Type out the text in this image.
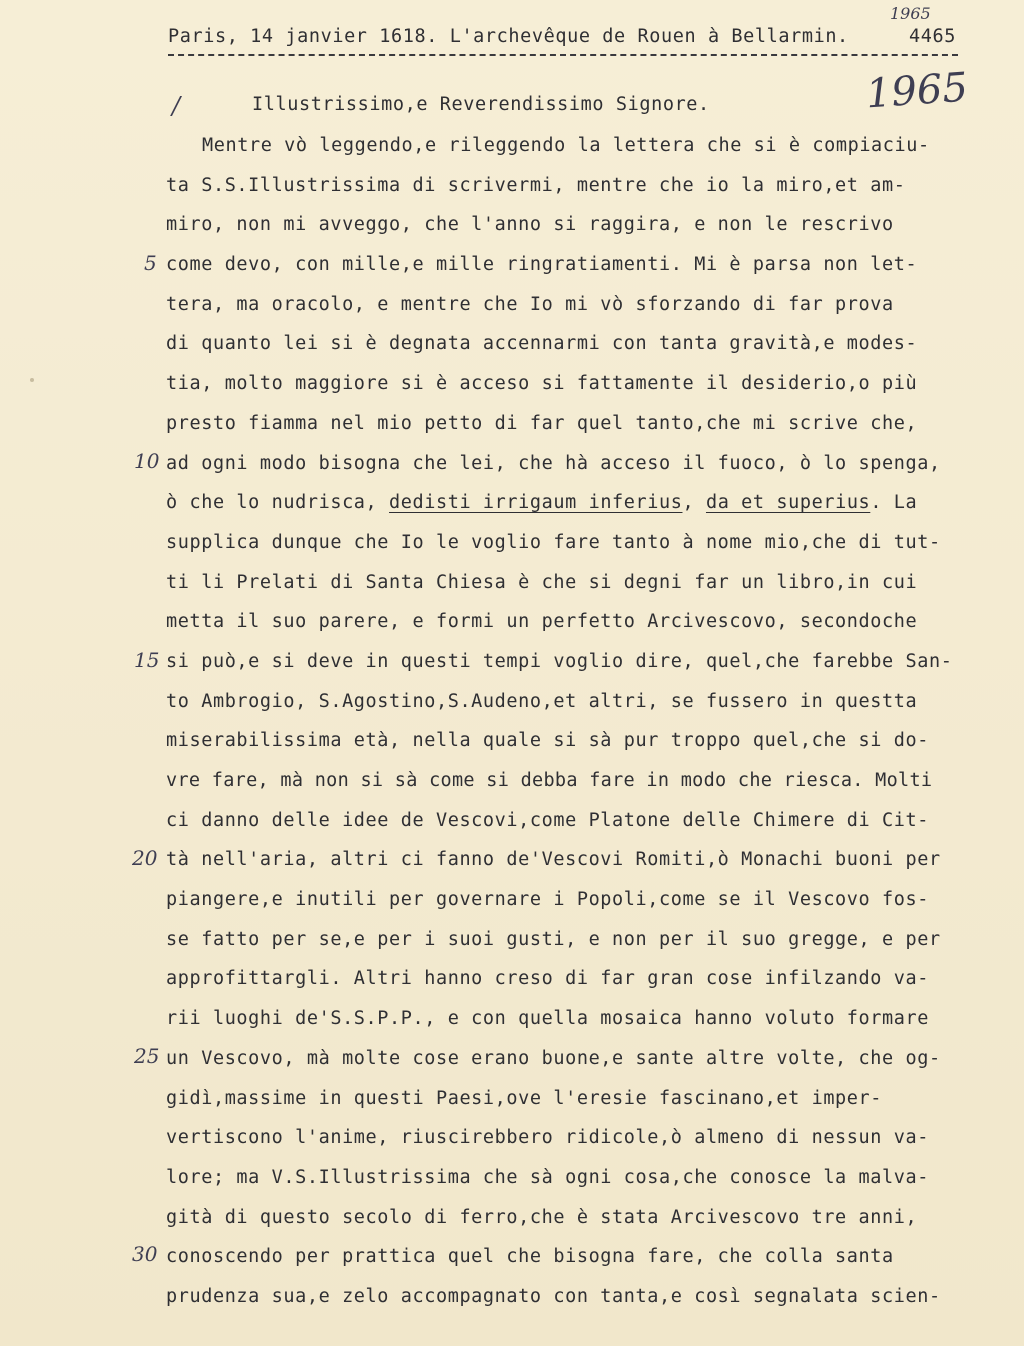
1965
Paris, 14 janvier 1618. L'archevêque de Rouen à Bellarmin.	4465
/	1965
Illustrissimo,e Reverendissimo Signore.
Mentre vò leggendo,e rileggendo la lettera che si è compiaciu-
ta S.S.Illustrissima di scrivermi, mentre che io la miro,et am-
miro, non mi avveggo, che l'anno si raggira, e non le rescrivo
come devo, con mille,e mille ringratiamenti. Mi è parsa non let-
tera, ma oracolo, e mentre che Io mi vò sforzando di far prova
di quanto lei si è degnata accennarmi con tanta gravità,e modes-
tia, molto maggiore si è acceso si fattamente il desiderio,o più
presto fiamma nel mio petto di far quel tanto,che mi scrive che,
ad ogni modo bisogna che lei, che hà acceso il fuoco, ò lo spenga,
ò che lo nudrisca, dedisti irrigaum inferius, da et superius. La
supplica dunque che Io le voglio fare tanto à nome mio,che di tut-
ti li Prelati di Santa Chiesa è che si degni far un libro,in cui
metta il suo parere, e formi un perfetto Arcivescovo, secondoche
si può,e si deve in questi tempi voglio dire, quel,che farebbe San-
to Ambrogio, S.Agostino,S.Audeno,et altri, se fussero in questta
miserabilissima età, nella quale si sà pur troppo quel,che si do-
vre fare, mà non si sà come si debba fare in modo che riesca. Molti
ci danno delle idee de Vescovi,come Platone delle Chimere di Cit-
tà nell'aria, altri ci fanno de'Vescovi Romiti,ò Monachi buoni per
piangere,e inutili per governare i Popoli,come se il Vescovo fos-
se fatto per se,e per i suoi gusti, e non per il suo gregge, e per
approfittargli. Altri hanno creso di far gran cose infilzando va-
rii luoghi de'S.S.P.P., e con quella mosaica hanno voluto formare
un Vescovo, mà molte cose erano buone,e sante altre volte, che og-
gidì,massime in questi Paesi,ove l'eresie fascinano,et imper-
vertiscono l'anime, riuscirebbero ridicole,ò almeno di nessun va-
lore; ma V.S.Illustrissima che sà ogni cosa,che conosce la malva-
gità di questo secolo di ferro,che è stata Arcivescovo tre anni,
conoscendo per prattica quel che bisogna fare, che colla santa
prudenza sua,e zelo accompagnato con tanta,e così segnalata scien-
5
10
15
20
25
30
